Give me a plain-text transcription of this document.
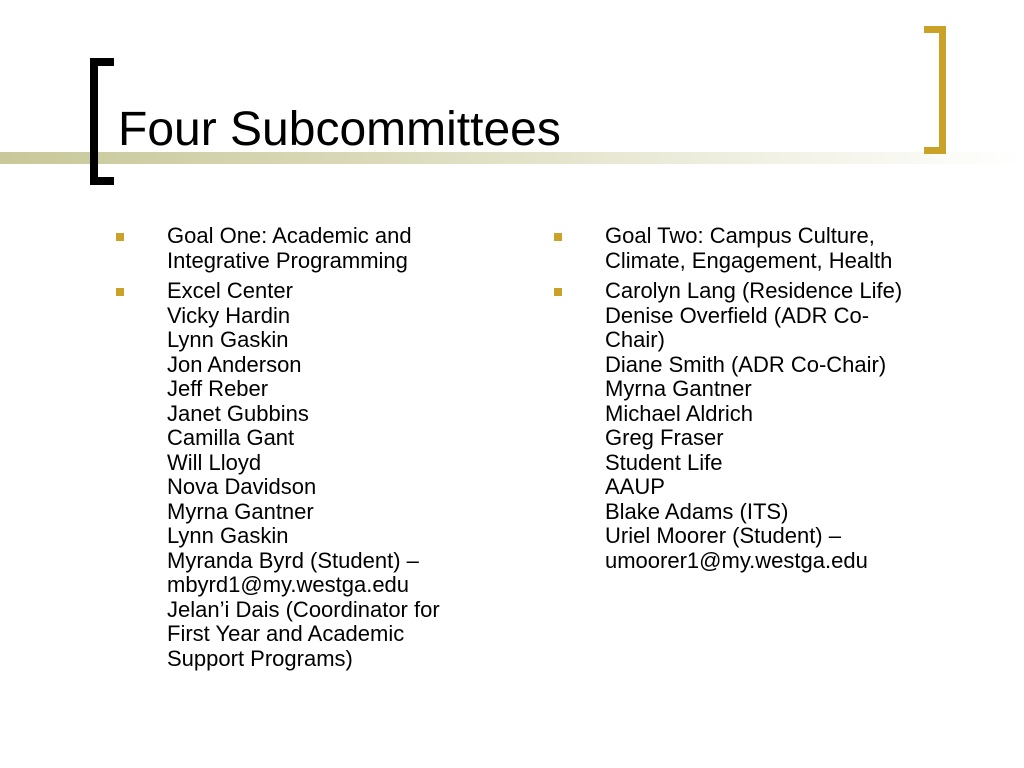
Four Subcommittees
Goal One: Academic and
Integrative Programming
Excel Center
Vicky Hardin
Lynn Gaskin
Jon Anderson
Jeff Reber
Janet Gubbins
Camilla Gant
Will Lloyd
Nova Davidson
Myrna Gantner
Lynn Gaskin
Myranda Byrd (Student) –
mbyrd1@my.westga.edu
Jelan’i Dais (Coordinator for
First Year and Academic
Support Programs)
Goal Two: Campus Culture,
Climate, Engagement, Health
Carolyn Lang (Residence Life)
Denise Overfield (ADR Co-
Chair)
Diane Smith (ADR Co-Chair)
Myrna Gantner
Michael Aldrich
Greg Fraser
Student Life
AAUP
Blake Adams (ITS)
Uriel Moorer (Student) –
umoorer1@my.westga.edu
